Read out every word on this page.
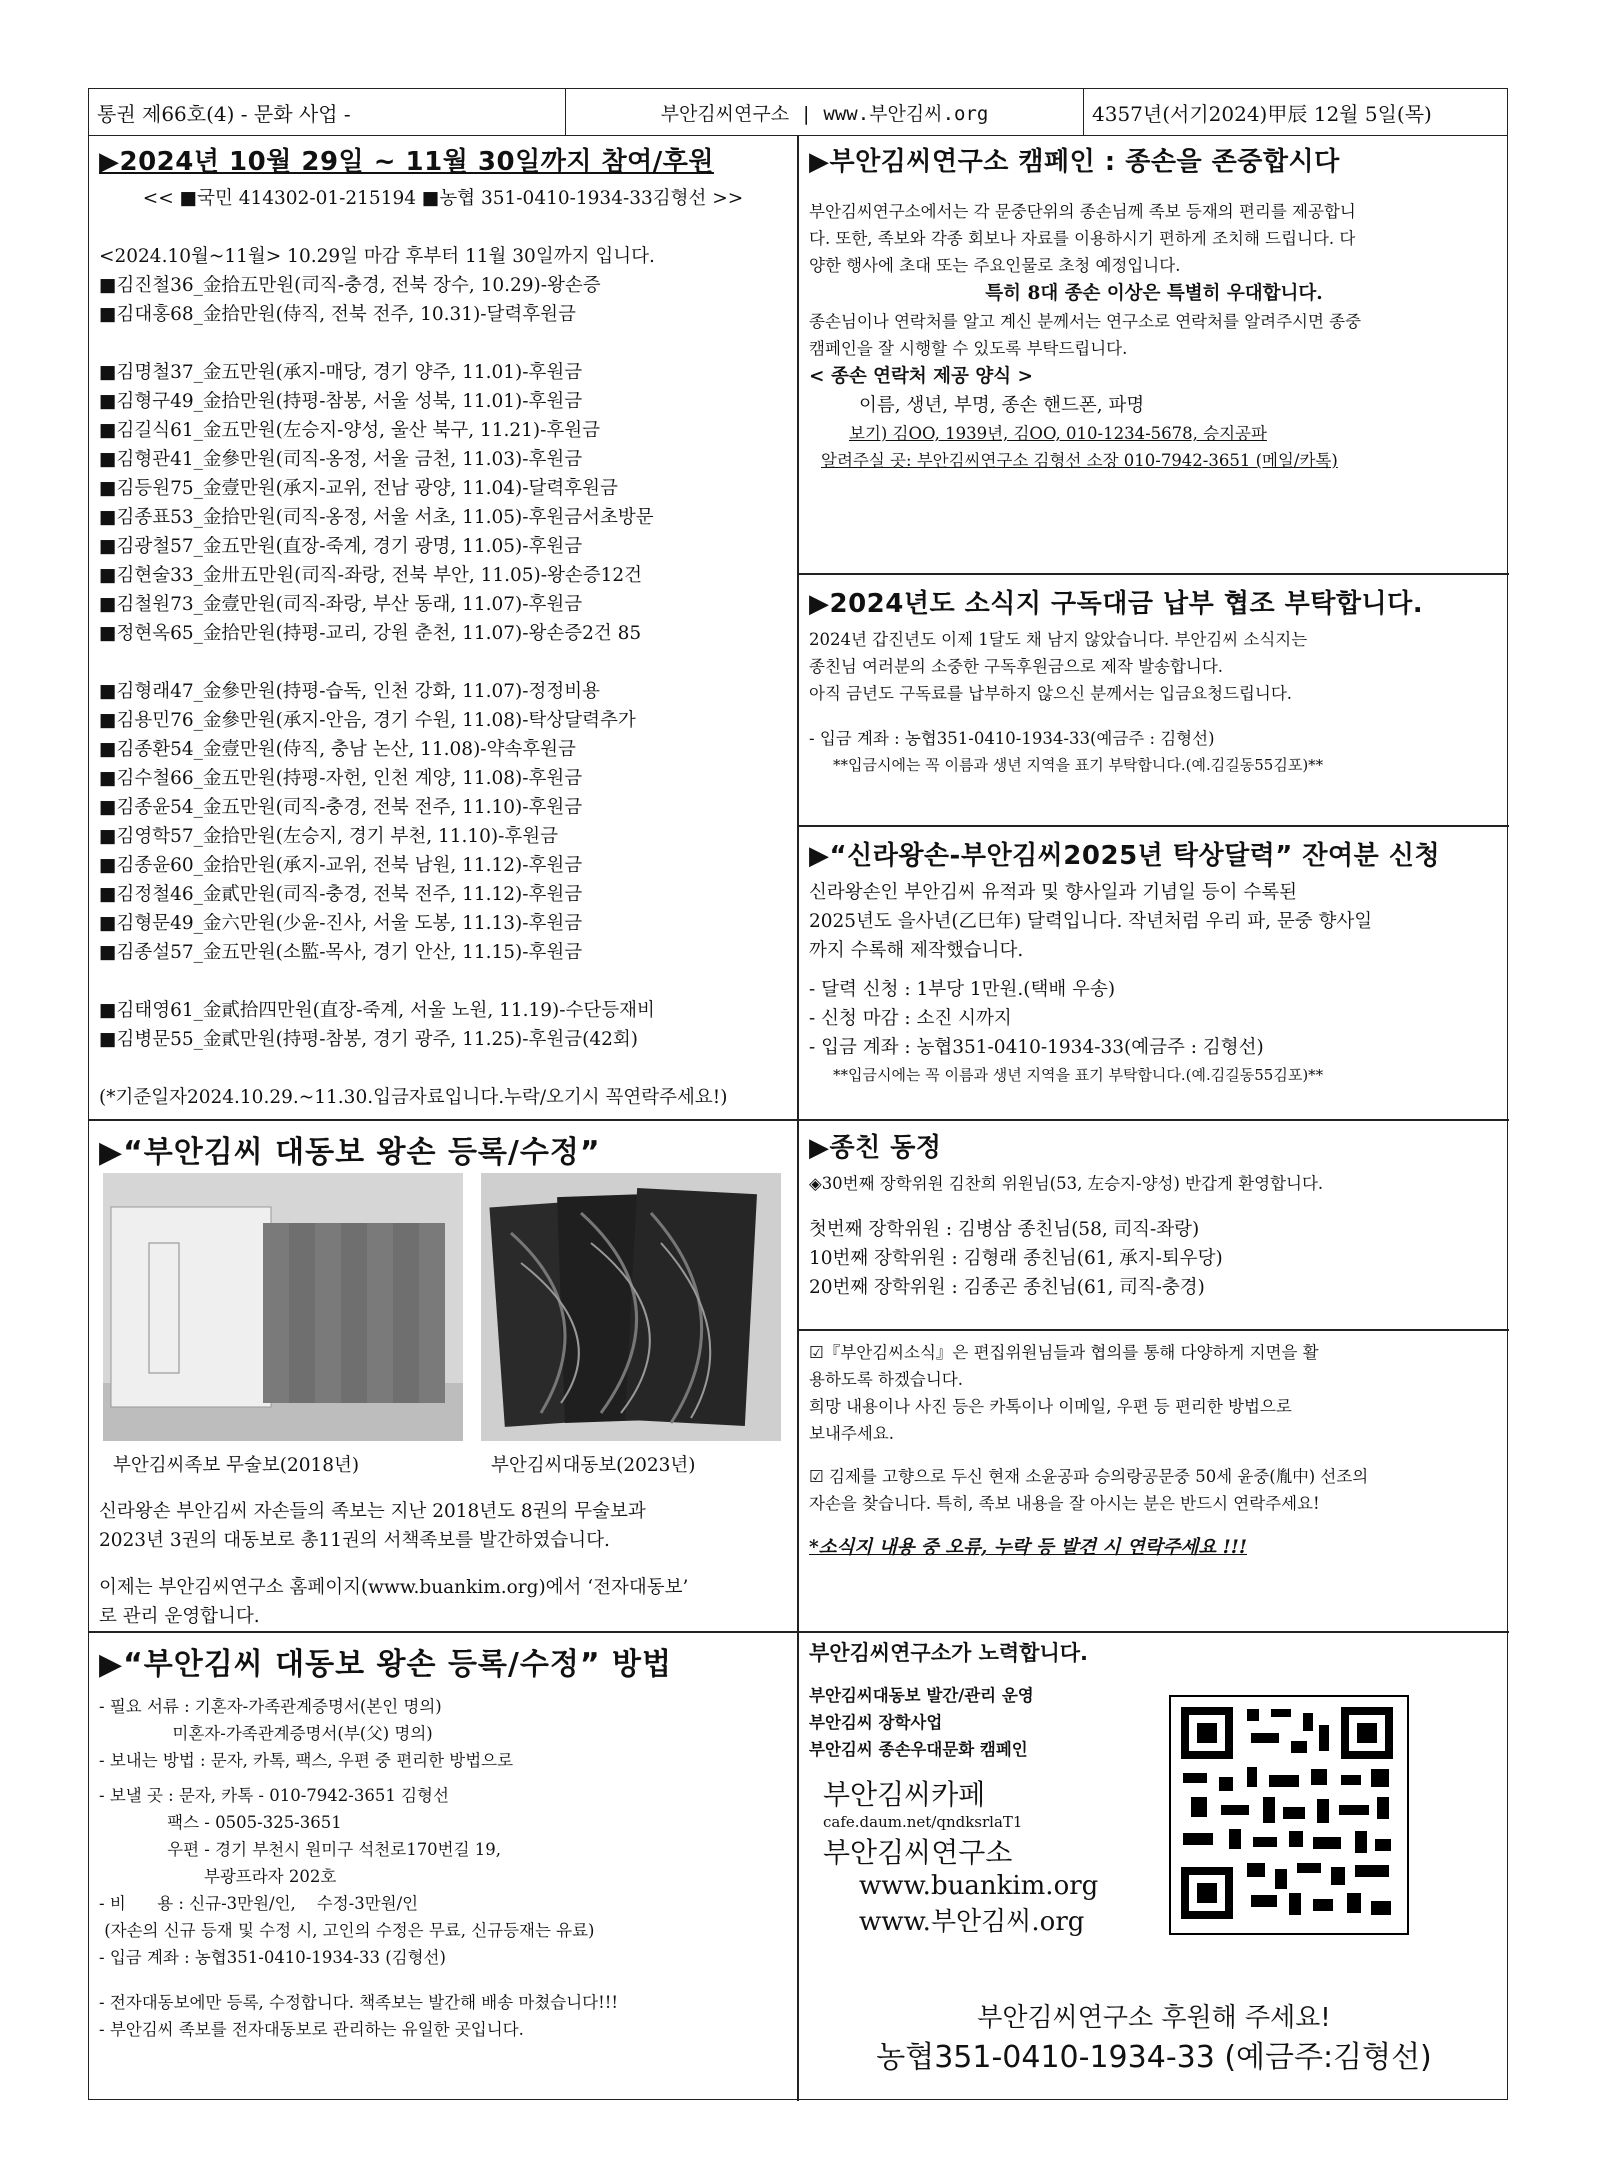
통권 제66호(4) - 문화 사업 -	부안김씨연구소 | www.부안김씨.org	4357년(서기2024)甲辰 12월 5일(목)
▶2024년 10월 29일 ~ 11월 30일까지 참여/후원
<< ■국민 414302-01-215194 ■농협 351-0410-1934-33김형선 >>
<2024.10월~11월> 10.29일 마감 후부터 11월 30일까지 입니다.
■김진철36_金拾五만원(司직-충경, 전북 장수, 10.29)-왕손증
■김대홍68_金拾만원(侍직, 전북 전주, 10.31)-달력후원금
■김명철37_金五만원(承지-매당, 경기 양주, 11.01)-후원금
■김형구49_金拾만원(持평-참봉, 서울 성북, 11.01)-후원금
■김길식61_金五만원(左승지-양성, 울산 북구, 11.21)-후원금
■김형관41_金參만원(司직-옹정, 서울 금천, 11.03)-후원금
■김등원75_金壹만원(承지-교위, 전남 광양, 11.04)-달력후원금
■김종표53_金拾만원(司직-옹정, 서울 서초, 11.05)-후원금서초방문
■김광철57_金五만원(直장-죽계, 경기 광명, 11.05)-후원금
■김현술33_金卅五만원(司직-좌랑, 전북 부안, 11.05)-왕손증12건
■김철원73_金壹만원(司직-좌랑, 부산 동래, 11.07)-후원금
■정현옥65_金拾만원(持평-교리, 강원 춘천, 11.07)-왕손증2건 85
■김형래47_金參만원(持평-습독, 인천 강화, 11.07)-정정비용
■김용민76_金參만원(承지-안음, 경기 수원, 11.08)-탁상달력추가
■김종환54_金壹만원(侍직, 충남 논산, 11.08)-약속후원금
■김수철66_金五만원(持평-자헌, 인천 계양, 11.08)-후원금
■김종윤54_金五만원(司직-충경, 전북 전주, 11.10)-후원금
■김영학57_金拾만원(左승지, 경기 부천, 11.10)-후원금
■김종윤60_金拾만원(承지-교위, 전북 남원, 11.12)-후원금
■김정철46_金貳만원(司직-충경, 전북 전주, 11.12)-후원금
■김형문49_金六만원(少윤-진사, 서울 도봉, 11.13)-후원금
■김종설57_金五만원(소監-목사, 경기 안산, 11.15)-후원금
■김태영61_金貳拾四만원(直장-죽계, 서울 노원, 11.19)-수단등재비
■김병문55_金貳만원(持평-참봉, 경기 광주, 11.25)-후원금(42회)
(*기준일자2024.10.29.~11.30.입금자료입니다.누락/오기시 꼭연락주세요!)
▶부안김씨연구소 캠페인 : 종손을 존중합시다
부안김씨연구소에서는 각 문중단위의 종손님께 족보 등재의 편리를 제공합니
다. 또한, 족보와 각종 회보나 자료를 이용하시기 편하게 조치해 드립니다. 다
양한 행사에 초대 또는 주요인물로 초청 예정입니다.
특히 8대 종손 이상은 특별히 우대합니다.
종손님이나 연락처를 알고 계신 분께서는 연구소로 연락처를 알려주시면 종중
캠페인을 잘 시행할 수 있도록 부탁드립니다.
< 종손 연락처 제공 양식 >
이름, 생년, 부명, 종손 핸드폰, 파명
보기) 김OO, 1939년, 김OO, 010-1234-5678, 승지공파
알려주실 곳: 부안김씨연구소 김형선 소장 010-7942-3651 (메일/카톡)
▶2024년도 소식지 구독대금 납부 협조 부탁합니다.
2024년 갑진년도 이제 1달도 채 남지 않았습니다. 부안김씨 소식지는
종친님 여러분의 소중한 구독후원금으로 제작 발송합니다.
아직 금년도 구독료를 납부하지 않으신 분께서는 입금요청드립니다.
- 입금 계좌 : 농협351-0410-1934-33(예금주 : 김형선)
**입금시에는 꼭 이름과 생년 지역을 표기 부탁합니다.(예.김길동55김포)**
▶“신라왕손-부안김씨2025년 탁상달력” 잔여분 신청
신라왕손인 부안김씨 유적과 및 향사일과 기념일 등이 수록된
2025년도 을사년(乙巳年) 달력입니다. 작년처럼 우리 파, 문중 향사일
까지 수록해 제작했습니다.
- 달력 신청 : 1부당 1만원.(택배 우송)
- 신청 마감 : 소진 시까지
- 입금 계좌 : 농협351-0410-1934-33(예금주 : 김형선)
**입금시에는 꼭 이름과 생년 지역을 표기 부탁합니다.(예.김길동55김포)**
▶“부안김씨 대동보 왕손 등록/수정”
부안김씨족보 무술보(2018년)	부안김씨대동보(2023년)
신라왕손 부안김씨 자손들의 족보는 지난 2018년도 8권의 무술보과
2023년 3권의 대동보로 총11권의 서책족보를 발간하였습니다.
이제는 부안김씨연구소 홈페이지(www.buankim.org)에서 ‘전자대동보’
로 관리 운영합니다.
▶종친 동정
◈30번째 장학위원 김찬희 위원님(53, 左승지-양성) 반갑게 환영합니다.
첫번째 장학위원 : 김병삼 종친님(58, 司직-좌랑)
10번째 장학위원 : 김형래 종친님(61, 承지-퇴우당)
20번째 장학위원 : 김종곤 종친님(61, 司직-충경)
☑『부안김씨소식』은 편집위원님들과 협의를 통해 다양하게 지면을 활
용하도록 하겠습니다.
희망 내용이나 사진 등은 카톡이나 이메일, 우편 등 편리한 방법으로
보내주세요.
☑ 김제를 고향으로 두신 현재 소윤공파 승의랑공문중 50세 윤중(胤中) 선조의
자손을 찾습니다. 특히, 족보 내용을 잘 아시는 분은 반드시 연락주세요!
*소식지 내용 중 오류, 누락 등 발견 시 연락주세요 !!!
▶“부안김씨 대동보 왕손 등록/수정” 방법
- 필요 서류 : 기혼자-가족관계증명서(본인 명의)
미혼자-가족관계증명서(부(父) 명의)
- 보내는 방법 : 문자, 카톡, 팩스, 우편 중 편리한 방법으로
- 보낼 곳 : 문자, 카톡 - 010-7942-3651 김형선
팩스 - 0505-325-3651
우편 - 경기 부천시 원미구 석천로170번길 19,
부광프라자 202호
- 비      용 : 신규-3만원/인,    수정-3만원/인
(자손의 신규 등재 및 수정 시, 고인의 수정은 무료, 신규등재는 유료)
- 입금 계좌 : 농협351-0410-1934-33 (김형선)
- 전자대동보에만 등록, 수정합니다. 책족보는 발간해 배송 마쳤습니다!!!
- 부안김씨 족보를 전자대동보로 관리하는 유일한 곳입니다.
부안김씨연구소가 노력합니다.
부안김씨대동보 발간/관리 운영
부안김씨 장학사업
부안김씨 종손우대문화 캠페인
부안김씨카페
cafe.daum.net/qndksrlaT1
부안김씨연구소
www.buankim.org
www.부안김씨.org
부안김씨연구소 후원해 주세요!
농협351-0410-1934-33 (예금주:김형선)
